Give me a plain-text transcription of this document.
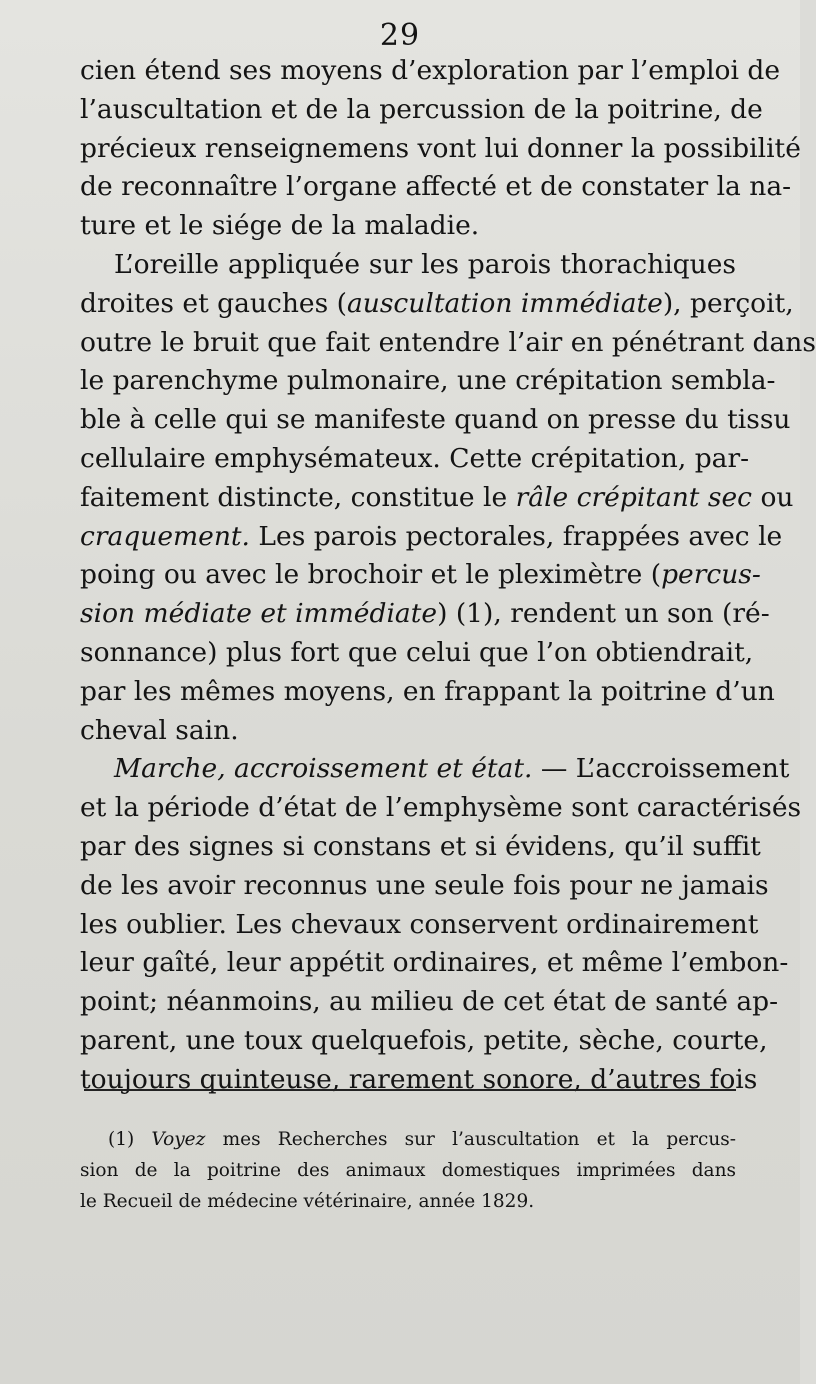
29
cien étend ses moyens d’exploration par l’emploi de
l’auscultation et de la percussion de la poitrine, de
précieux renseignemens vont lui donner la possibilité
de reconnaître l’organe affecté et de constater la na-
ture et le siége de la maladie.
L’oreille appliquée sur les parois thorachiques
droites et gauches (auscultation immédiate), perçoit,
outre le bruit que fait entendre l’air en pénétrant dans
le parenchyme pulmonaire, une crépitation sembla-
ble à celle qui se manifeste quand on presse du tissu
cellulaire emphysémateux. Cette crépitation, par-
faitement distincte, constitue le râle crépitant sec ou
craquement. Les parois pectorales, frappées avec le
poing ou avec le brochoir et le pleximètre (percus-
sion médiate et immédiate) (1), rendent un son (ré-
sonnance) plus fort que celui que l’on obtiendrait,
par les mêmes moyens, en frappant la poitrine d’un
cheval sain.
Marche, accroissement et état. — L’accroissement
et la période d’état de l’emphysème sont caractérisés
par des signes si constans et si évidens, qu’il suffit
de les avoir reconnus une seule fois pour ne jamais
les oublier. Les chevaux conservent ordinairement
leur gaîté, leur appétit ordinaires, et même l’embon-
point; néanmoins, au milieu de cet état de santé ap-
parent, une toux quelquefois, petite, sèche, courte,
toujours quinteuse, rarement sonore, d’autres fois
(1) Voyez mes Recherches sur l’auscultation et la percus-
sion de la poitrine des animaux domestiques imprimées dans
le Recueil de médecine vétérinaire, année 1829.
